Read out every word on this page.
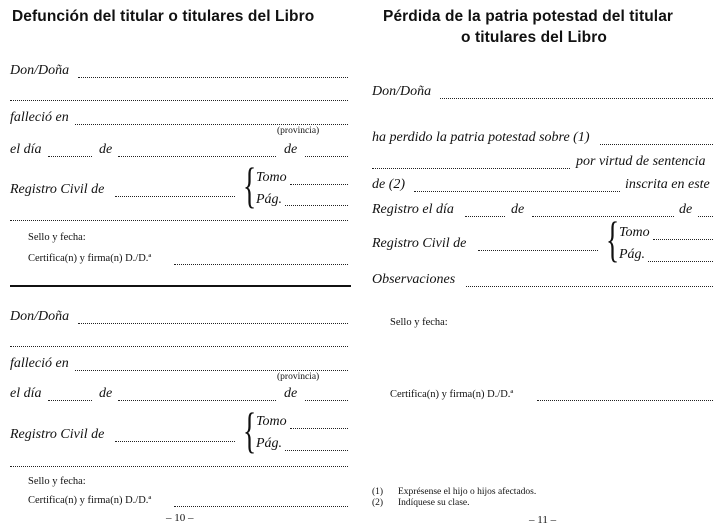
Defunción del titular o titulares del Libro
Don/Doña
falleció en
(provincia)
el día	de	de
Registro Civil de	{ Tomo
Pág.
Sello y fecha:
Certifica(n) y firma(n) D./D.ª
Don/Doña
falleció en
(provincia)
el día	de	de
Registro Civil de	{ Tomo
Pág.
Sello y fecha:
Certifica(n) y firma(n) D./D.ª
– 10 –
Pérdida de la patria potestad del titular
o titulares del Libro
Don/Doña
ha perdido la patria potestad sobre (1)
por virtud de sentencia
de (2)	inscrita en este
Registro el día	de	de
Registro Civil de	{ Tomo
Pág.
Observaciones
Sello y fecha:
Certifica(n) y firma(n) D./D.ª
(1) Exprésense el hijo o hijos afectados.
(2) Indíquese su clase.
– 11 –
